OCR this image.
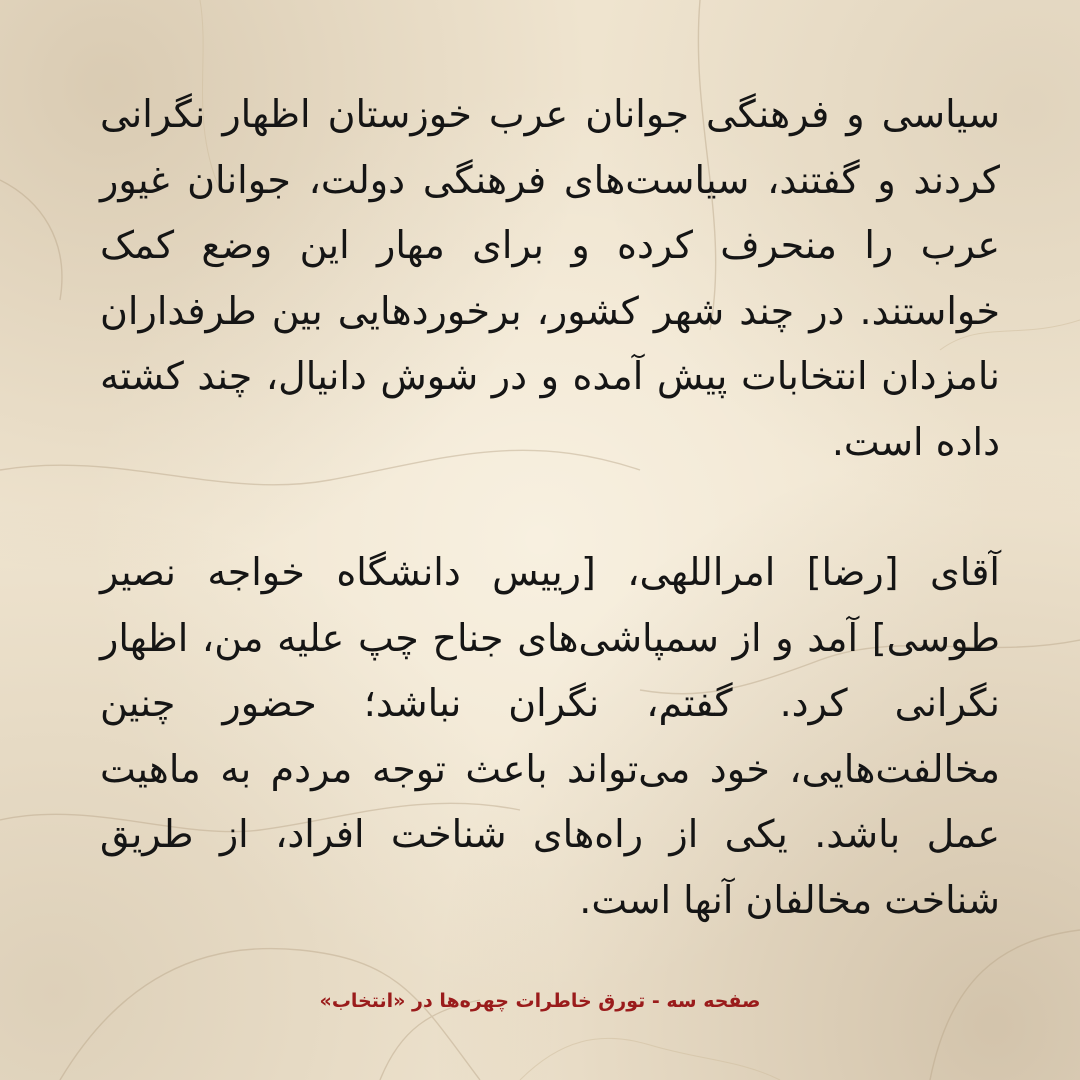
سیاسی و فرهنگی جوانان عرب خوزستان اظهار نگرانی کردند و گفتند، سیاست‌های فرهنگی دولت، جوانان غیور عرب را منحرف کرده و برای مهار این وضع کمک خواستند. در چند شهر کشور، برخوردهایی بین طرفداران نامزدان انتخابات پیش آمده و در شوش دانیال، چند کشته داده است.

آقای [رضا] امراللهی، [رییس دانشگاه خواجه نصیر طوسی] آمد و از سمپاشی‌های جناح چپ علیه من، اظهار نگرانی کرد. گفتم، نگران نباشد؛ حضور چنین مخالفت‌هایی، خود می‌تواند باعث توجه مردم به ماهیت عمل باشد. یکی از راه‌های شناخت افراد، از طریق شناخت مخالفان آنها است.

صفحه سه - تورق خاطرات چهره‌ها در «انتخاب»
